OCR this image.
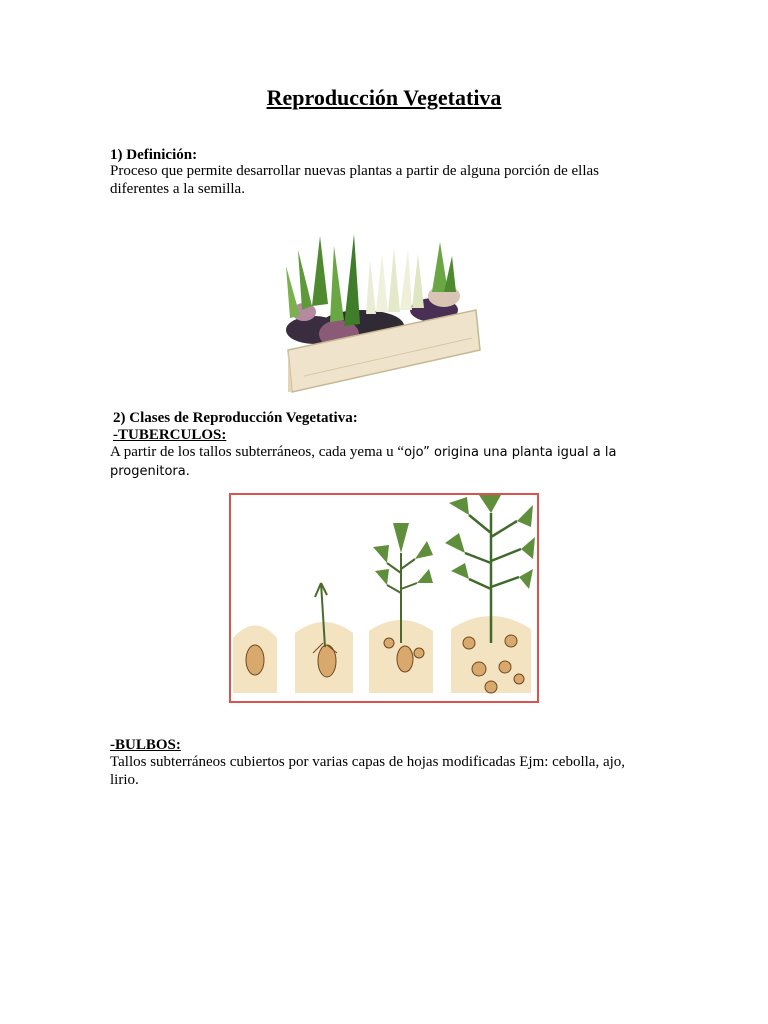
Reproducción Vegetativa

1) Definición:

Proceso que permite desarrollar nuevas plantas a partir de alguna porción de ellas diferentes a la semilla.

2) Clases de Reproducción Vegetativa:

-TUBERCULOS:

A partir de los tallos subterráneos, cada yema u “ojo” origina una planta igual a la progenitora.

-BULBOS:

Tallos subterráneos cubiertos por varias capas de hojas modificadas Ejm: cebolla, ajo, lirio.
